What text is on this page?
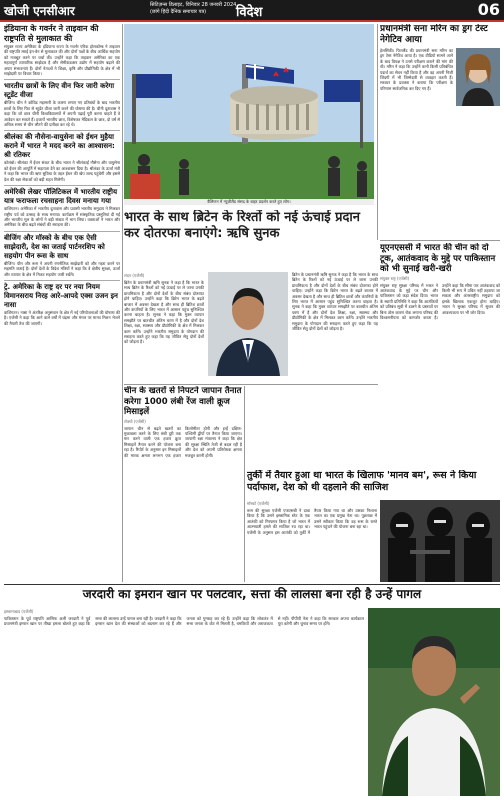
खोजी एनसीआर	सिटिज़न्स डिलाइट, विनिवार 28 जनवरी 2024
(छांगे हिंदी दैनिक समाचार पत्र)	विदेश	06
इंडियाना के गवर्नर ने ताइवान की राष्ट्रपति से मुलाकात की
संयुक्त राज्य अमेरिका के इंडियाना राज्य के गवर्नर एरिक होलकोम्ब ने ताइवान की राष्ट्रपति त्साई इंग-वेन से मुलाकात की और दोनों पक्षों के बीच आर्थिक सहयोग को मजबूत करने पर चर्चा की। उन्होंने कहा कि ताइवान अमेरिका का एक महत्वपूर्ण व्यापारिक साझेदार है और सेमीकंडक्टर उद्योग में सहयोग बढ़ाने की अपार संभावनाएं हैं। दोनों नेताओं ने शिक्षा, कृषि और प्रौद्योगिकी के क्षेत्र में भी साझेदारी पर विचार किया।
भारतीय छात्रों के लिए वीन फिर जारी करेगा स्टूडेंट वीजा
बीजिंग। चीन ने कोविड महामारी के कारण लगाए गए प्रतिबंधों के बाद भारतीय छात्रों के लिए फिर से स्टूडेंट वीजा जारी करने की घोषणा की है। चीनी दूतावास ने कहा कि जो छात्र चीनी विश्वविद्यालयों में अपनी पढ़ाई पूरी करना चाहते हैं वे आवेदन कर सकते हैं। हजारों भारतीय छात्र, विशेषकर मेडिकल के छात्र, दो वर्ष से अधिक समय से चीन लौटने की प्रतीक्षा कर रहे थे।
श्रीलंका की नौसेना-वायुसेना को ईधन मुहैया कराने में भारत ने मदद करने का आश्वासन: श्री रतिकर
कोलंबो। श्रीलंका में ईंधन संकट के बीच भारत ने श्रीलंकाई नौसेना और वायुसेना को ईंधन की आपूर्ति में सहायता देने का आश्वासन दिया है। श्रीलंका के ऊर्जा मंत्री ने कहा कि भारत की ऋण सुविधा के तहत ईंधन की खेप जल्द पहुंचेगी और इससे देश की रक्षा सेवाओं को बड़ी राहत मिलेगी।
अमेरिकी लेखर पॉलिटिकल में भारतीय राष्ट्रीय यात्र फराफला रचसाहना दिवस मनाया गया
वाशिंगटन। अमेरिका में भारतीय दूतावास और प्रवासी भारतीय समुदाय ने मिलकर राष्ट्रीय पर्व को उत्साह के साथ मनाया। कार्यक्रम में सांस्कृतिक प्रस्तुतियां दी गईं और भारतीय मूल के लोगों ने बड़ी संख्या में भाग लिया। वक्ताओं ने भारत और अमेरिका के बीच बढ़ते संबंधों की सराहना की।
बीजिंग और मॉस्को के बीच एक ऐसी साझेदारी, देश का जताई पार्टनरशिप को सहयोग पीन रूस के साथ
बीजिंग। चीन और रूस ने अपनी रणनीतिक साझेदारी को और गहरा करने पर सहमति जताई है। दोनों देशों के विदेश मंत्रियों ने कहा कि वे क्षेत्रीय सुरक्षा, ऊर्जा और व्यापार के क्षेत्र में निकट सहयोग जारी रखेंगे।
ट्रे. अमेरिका के राष्ट्र दर पर नया नियम विमानसराय निरह आरे-आपदे एक्स उजन इन नासा
वाशिंगटन। नासा ने अंतरिक्ष अनुसंधान के क्षेत्र में नई परियोजनाओं की घोषणा की है। एजेंसी ने कहा कि आने वाले वर्षों में चंद्रमा और मंगल पर मानव मिशन भेजने की तैयारी तेज की जाएगी।
वैलिंग्टन में न्यूज़ीलैंड संसद के बाहर प्रदर्शन करते हुए लोग।
प्रधानमंत्री सना मरिन का ड्रग टेस्ट नेगेटिव आया
हेलसिंकी। फिनलैंड की प्रधानमंत्री सना मरिन का ड्रग टेस्ट नेगेटिव आया है। एक वीडियो सामने आने के बाद विपक्ष ने उनसे परीक्षण कराने की मांग की थी। मरिन ने कहा कि उन्होंने कभी किसी प्रतिबंधित पदार्थ का सेवन नहीं किया है और वह अपनी निजी जिंदगी में भी जिम्मेदारी से व्यवहार करती हैं। सरकार के प्रवक्ता ने बताया कि परीक्षण के परिणाम सार्वजनिक कर दिए गए हैं।
भारत के साथ ब्रिटेन के रिश्तों को नई ऊंचाई प्रदान कर दोतरफा बनाएंगे: ऋषि सुनक
यूएनएससी में भारत की चीन को दो टूक, आतंकवाद के मुद्दे पर पाकिस्तान को भी सुनाई खरी-खरी
संयुक्त राष्ट्र (एजेंसी)
संयुक्त राष्ट्र सुरक्षा परिषद में भारत ने आतंकवाद के मुद्दे पर चीन और पाकिस्तान को कड़ा संदेश दिया। भारत के स्थायी प्रतिनिधि ने कहा कि आतंकियों को प्रतिबंध सूची में डालने के प्रस्तावों पर बिना ठोस कारण रोक लगाना परिषद की विश्वसनीयता को कमजोर करता है। उन्होंने कहा कि सीमा पार आतंकवाद को किसी भी रूप में उचित नहीं ठहराया जा सकता और अंतरराष्ट्रीय समुदाय को इसके खिलाफ एकजुट होना चाहिए। भारत ने सुरक्षा परिषद में सुधार की आवश्यकता पर भी जोर दिया।
लंदन (एजेंसी)
ब्रिटेन के प्रधानमंत्री ऋषि सुनक ने कहा है कि भारत के साथ ब्रिटेन के रिश्तों को नई ऊंचाई पर ले जाना उनकी प्राथमिकता है और दोनों देशों के बीच संबंध दोतरफा होने चाहिए। उन्होंने कहा कि ब्रिटेन भारत के बढ़ते बाजार में अवसर देखता है और साथ ही ब्रिटिश छात्रों और कंपनियों के लिए भारत में आसान पहुंच सुनिश्चित करना चाहता है। सुनक ने कहा कि मुक्त व्यापार समझौते पर बातचीत अंतिम चरण में है और दोनों देश शिक्षा, रक्षा, स्वास्थ्य और प्रौद्योगिकी के क्षेत्र में मिलकर काम करेंगे। उन्होंने भारतीय समुदाय के योगदान की सराहना करते हुए कहा कि यह जीवित सेतु दोनों देशों को जोड़ता है।
ब्रिटेन के प्रधानमंत्री ऋषि सुनक ने कहा है कि भारत के साथ ब्रिटेन के रिश्तों को नई ऊंचाई पर ले जाना उनकी प्राथमिकता है और दोनों देशों के बीच संबंध दोतरफा होने चाहिए। उन्होंने कहा कि ब्रिटेन भारत के बढ़ते बाजार में अवसर देखता है और साथ ही ब्रिटिश छात्रों और कंपनियों के लिए भारत में आसान पहुंच सुनिश्चित करना चाहता है। सुनक ने कहा कि मुक्त व्यापार समझौते पर बातचीत अंतिम चरण में है और दोनों देश शिक्षा, रक्षा, स्वास्थ्य और प्रौद्योगिकी के क्षेत्र में मिलकर काम करेंगे। उन्होंने भारतीय समुदाय के योगदान की सराहना करते हुए कहा कि यह जीवित सेतु दोनों देशों को जोड़ता है।
चीन के खतरों से निपटने जापान तैनात करेगा 1000 लंबी रेंज वाली क्रूज मिसाइलें
टोक्यो (एजेंसी)
जापान चीन से बढ़ते खतरों का मुकाबला करने के लिए लंबी दूरी तक मार करने वाली एक हजार क्रूज मिसाइलें तैनात करने की योजना बना रहा है। रिपोर्ट के अनुसार इन मिसाइलों की मारक क्षमता लगभग एक हजार किलोमीटर होगी और इन्हें दक्षिण-पश्चिमी द्वीपों पर तैनात किया जाएगा। जापानी रक्षा मंत्रालय ने कहा कि क्षेत्र की सुरक्षा स्थिति तेजी से बदल रही है और देश को अपनी प्रतिरोधक क्षमता मजबूत करनी होगी।
तुर्की में तैयार हुआ था भारत के खिलाफ 'मानव बम', रूस ने किया पर्दाफाश, देश को थी दहलाने की साजिश
मॉस्को (एजेंसी)
रूस की सुरक्षा एजेंसी एफएसबी ने दावा किया है कि उसने इस्लामिक स्टेट के एक आतंकी को गिरफ्तार किया है जो भारत में आत्मघाती हमले की साजिश रच रहा था। एजेंसी के अनुसार इस आतंकी को तुर्की में तैयार किया गया था और उसका निशाना भारत का एक प्रमुख नेता था। पूछताछ में उसने स्वीकार किया कि वह रूस के रास्ते भारत पहुंचने की योजना बना रहा था।
जरदारी का इमरान खान पर पलटवार, सत्ता की लालसा बना रही है उन्हें पागल
इस्लामाबाद (एजेंसी)
पाकिस्तान के पूर्व राष्ट्रपति आसिफ अली जरदारी ने पूर्व प्रधानमंत्री इमरान खान पर तीखा हमला बोलते हुए कहा कि सत्ता की लालसा उन्हें पागल बना रही है। जरदारी ने कहा कि इमरान खान देश की संस्थाओं को बदनाम कर रहे हैं और जनता को गुमराह कर रहे हैं। उन्होंने कहा कि लोकतंत्र में सत्ता जनता के वोट से मिलती है, धमकियों और अराजकता से नहीं। पीपीपी नेता ने कहा कि सरकार अपना कार्यकाल पूरा करेगी और चुनाव समय पर होंगे।
